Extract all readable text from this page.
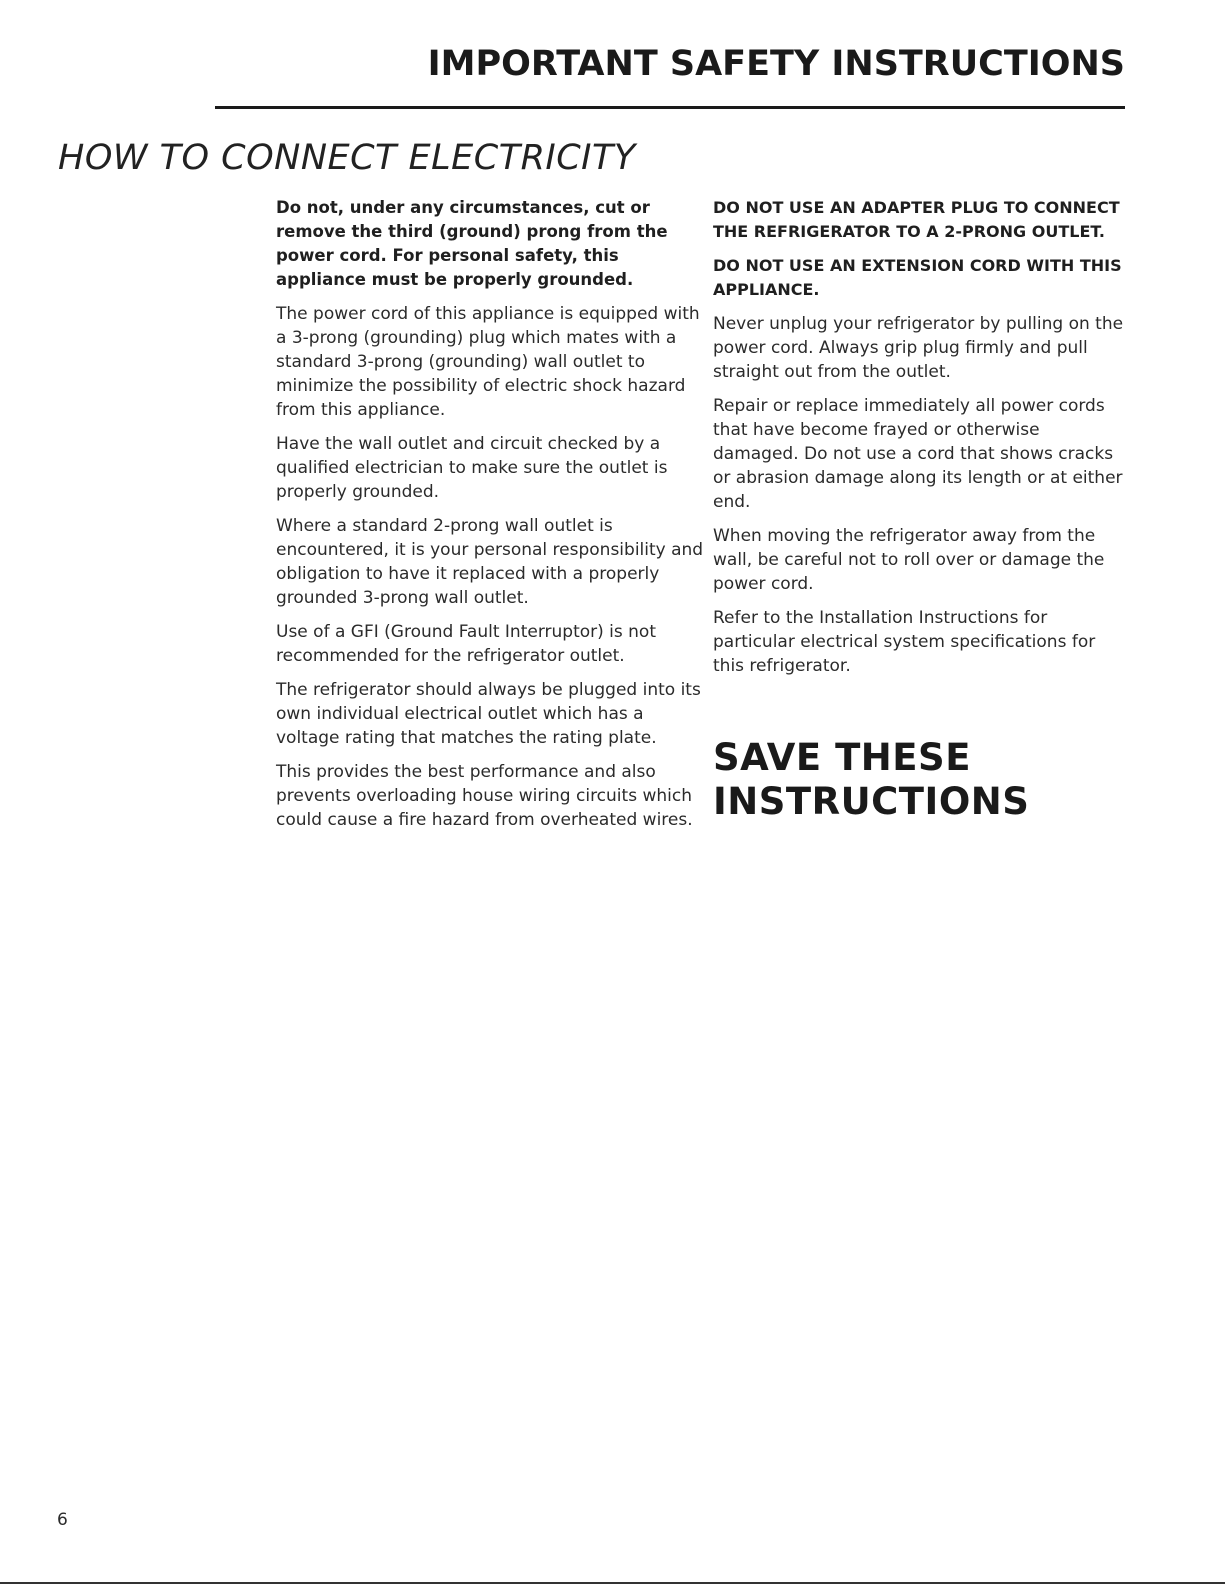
IMPORTANT SAFETY INSTRUCTIONS
HOW TO CONNECT ELECTRICITY

Do not, under any circumstances, cut or remove the third (ground) prong from the power cord. For personal safety, this appliance must be properly grounded.

The power cord of this appliance is equipped with a 3-prong (grounding) plug which mates with a standard 3-prong (grounding) wall outlet to minimize the possibility of electric shock hazard from this appliance.

Have the wall outlet and circuit checked by a qualified electrician to make sure the outlet is properly grounded.

Where a standard 2-prong wall outlet is encountered, it is your personal responsibility and obligation to have it replaced with a properly grounded 3-prong wall outlet.

Use of a GFI (Ground Fault Interruptor) is not recommended for the refrigerator outlet.

The refrigerator should always be plugged into its own individual electrical outlet which has a voltage rating that matches the rating plate.

This provides the best performance and also prevents overloading house wiring circuits which could cause a fire hazard from overheated wires.

DO NOT USE AN ADAPTER PLUG TO CONNECT THE REFRIGERATOR TO A 2-PRONG OUTLET.

DO NOT USE AN EXTENSION CORD WITH THIS APPLIANCE.

Never unplug your refrigerator by pulling on the power cord. Always grip plug firmly and pull straight out from the outlet.

Repair or replace immediately all power cords that have become frayed or otherwise damaged. Do not use a cord that shows cracks or abrasion damage along its length or at either end.

When moving the refrigerator away from the wall, be careful not to roll over or damage the power cord.

Refer to the Installation Instructions for particular electrical system specifications for this refrigerator.

SAVE THESE
INSTRUCTIONS
6
